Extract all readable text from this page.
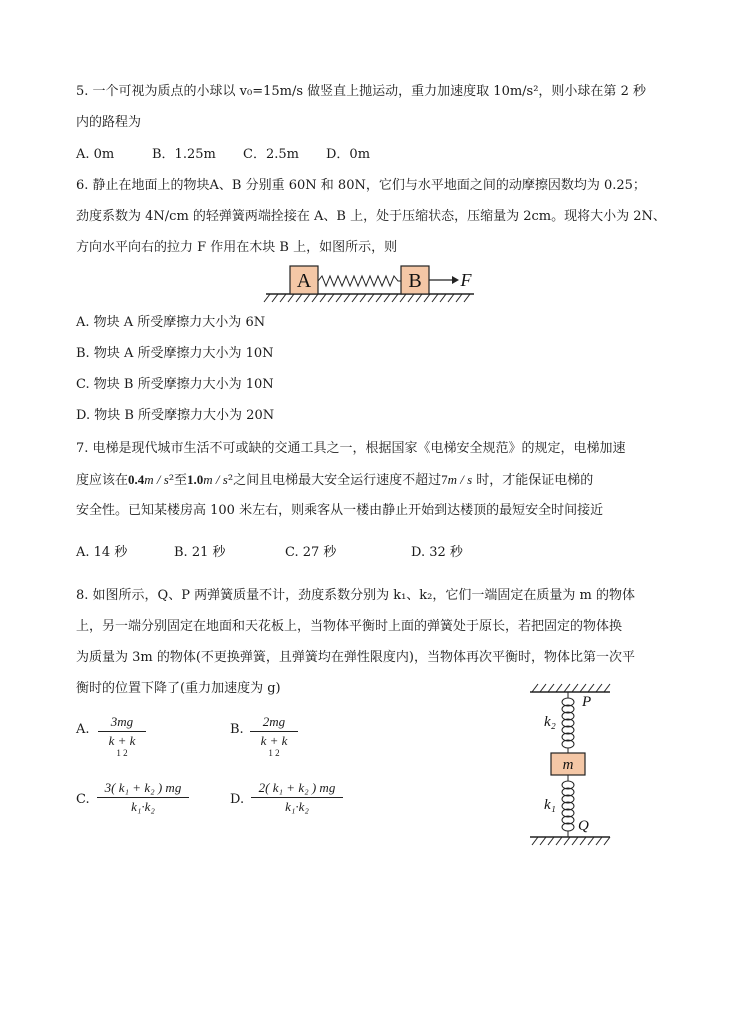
5. 一个可视为质点的小球以 v₀=15m/s 做竖直上抛运动，重力加速度取 10m/s²，则小球在第 2 秒
内的路程为
A. 0m	B．1.25m C．2.5m D．0m
6. 静止在地面上的物块A、B 分别重 60N 和 80N，它们与水平地面之间的动摩擦因数均为 0.25；
劲度系数为 4N/cm 的轻弹簧两端拴接在 A、B 上，处于压缩状态，压缩量为 2cm。现将大小为 2N、
方向水平向右的拉力 F 作用在木块 B 上，如图所示，则
A	B F
A. 物块 A 所受摩擦力大小为 6N
B. 物块 A 所受摩擦力大小为 10N
C. 物块 B 所受摩擦力大小为 10N
D. 物块 B 所受摩擦力大小为 20N
7. 电梯是现代城市生活不可或缺的交通工具之一，根据国家《电梯安全规范》的规定，电梯加速
度应该在0.4m / s²至1.0m / s²之间且电梯最大安全运行速度不超过7m / s 时，才能保证电梯的
安全性。已知某楼房高 100 米左右，则乘客从一楼由静止开始到达楼顶的最短安全时间接近
A. 14 秒	B. 21 秒	C. 27 秒	D. 32 秒
8. 如图所示，Q、P 两弹簧质量不计，劲度系数分别为 k₁、k₂，它们一端固定在质量为 m 的物体
上，另一端分别固定在地面和天花板上，当物体平衡时上面的弹簧处于原长，若把固定的物体换
为质量为 3m 的物体(不更换弹簧，且弹簧均在弹性限度内)，当物体再次平衡时，物体比第一次平
衡时的位置下降了(重力加速度为 g)
A.
3mg
k + k
1 2
B.
2mg
k + k
1 2
C.
3( k₁ + k₂ ) mg
k₁·k₂	D.
2( k₁ + k₂ ) mg
k₁·k₂
P
k₂
m
k₁
Q
